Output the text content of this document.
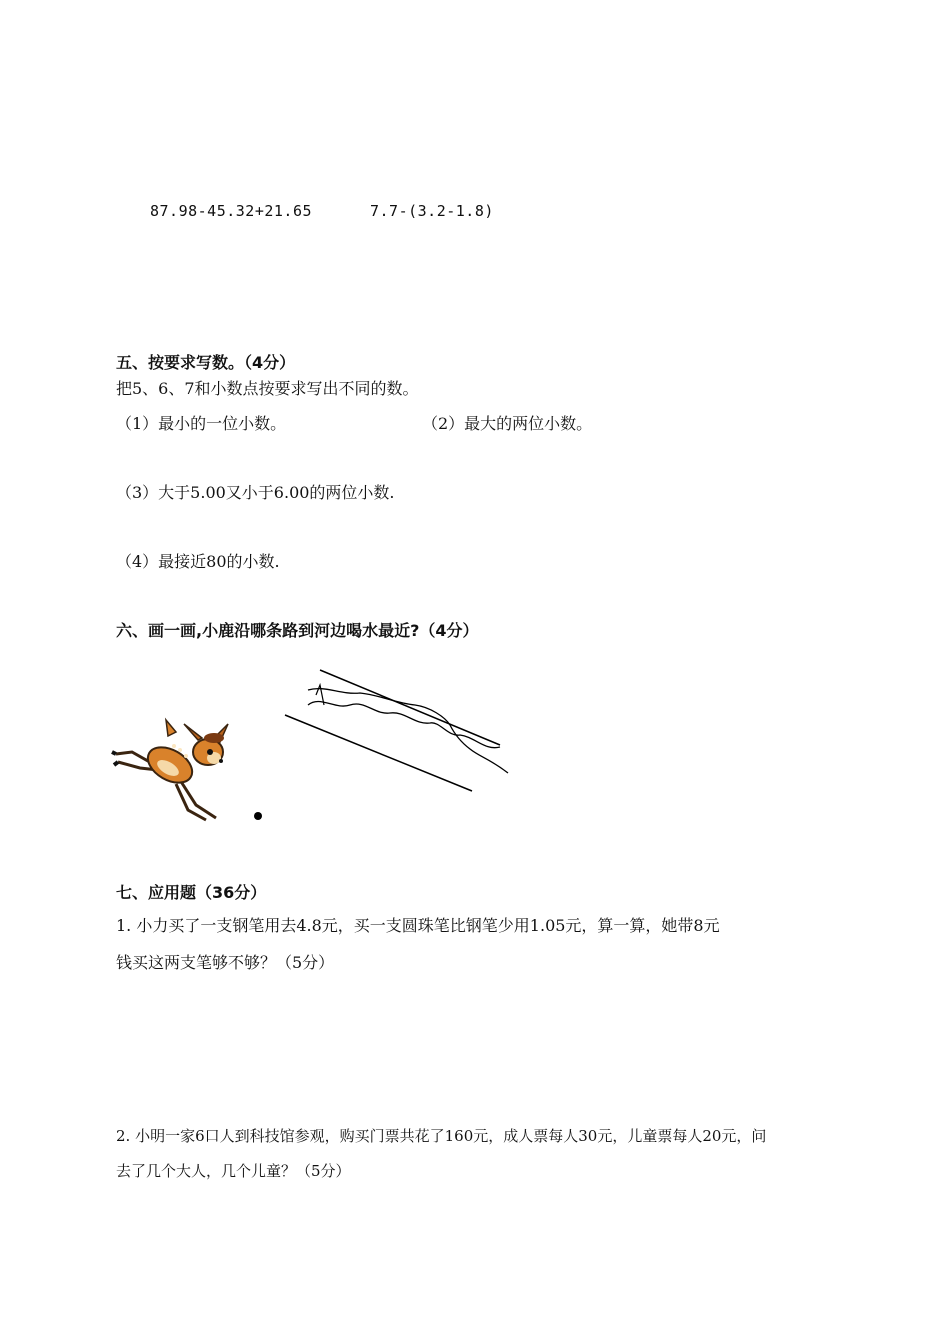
87.98-45.32+21.65	7.7-(3.2-1.8)
五、按要求写数。（4分）
把5、6、7和小数点按要求写出不同的数。
（1）最小的一位小数。	（2）最大的两位小数。
（3）大于5.00又小于6.00的两位小数.
（4）最接近80的小数.
六、画一画,小鹿沿哪条路到河边喝水最近?（4分）
七、应用题（36分）
1. 小力买了一支钢笔用去4.8元，买一支圆珠笔比钢笔少用1.05元，算一算，她带8元
钱买这两支笔够不够？（5分）
2. 小明一家6口人到科技馆参观，购买门票共花了160元，成人票每人30元，儿童票每人20元，问
去了几个大人，几个儿童？（5分）
